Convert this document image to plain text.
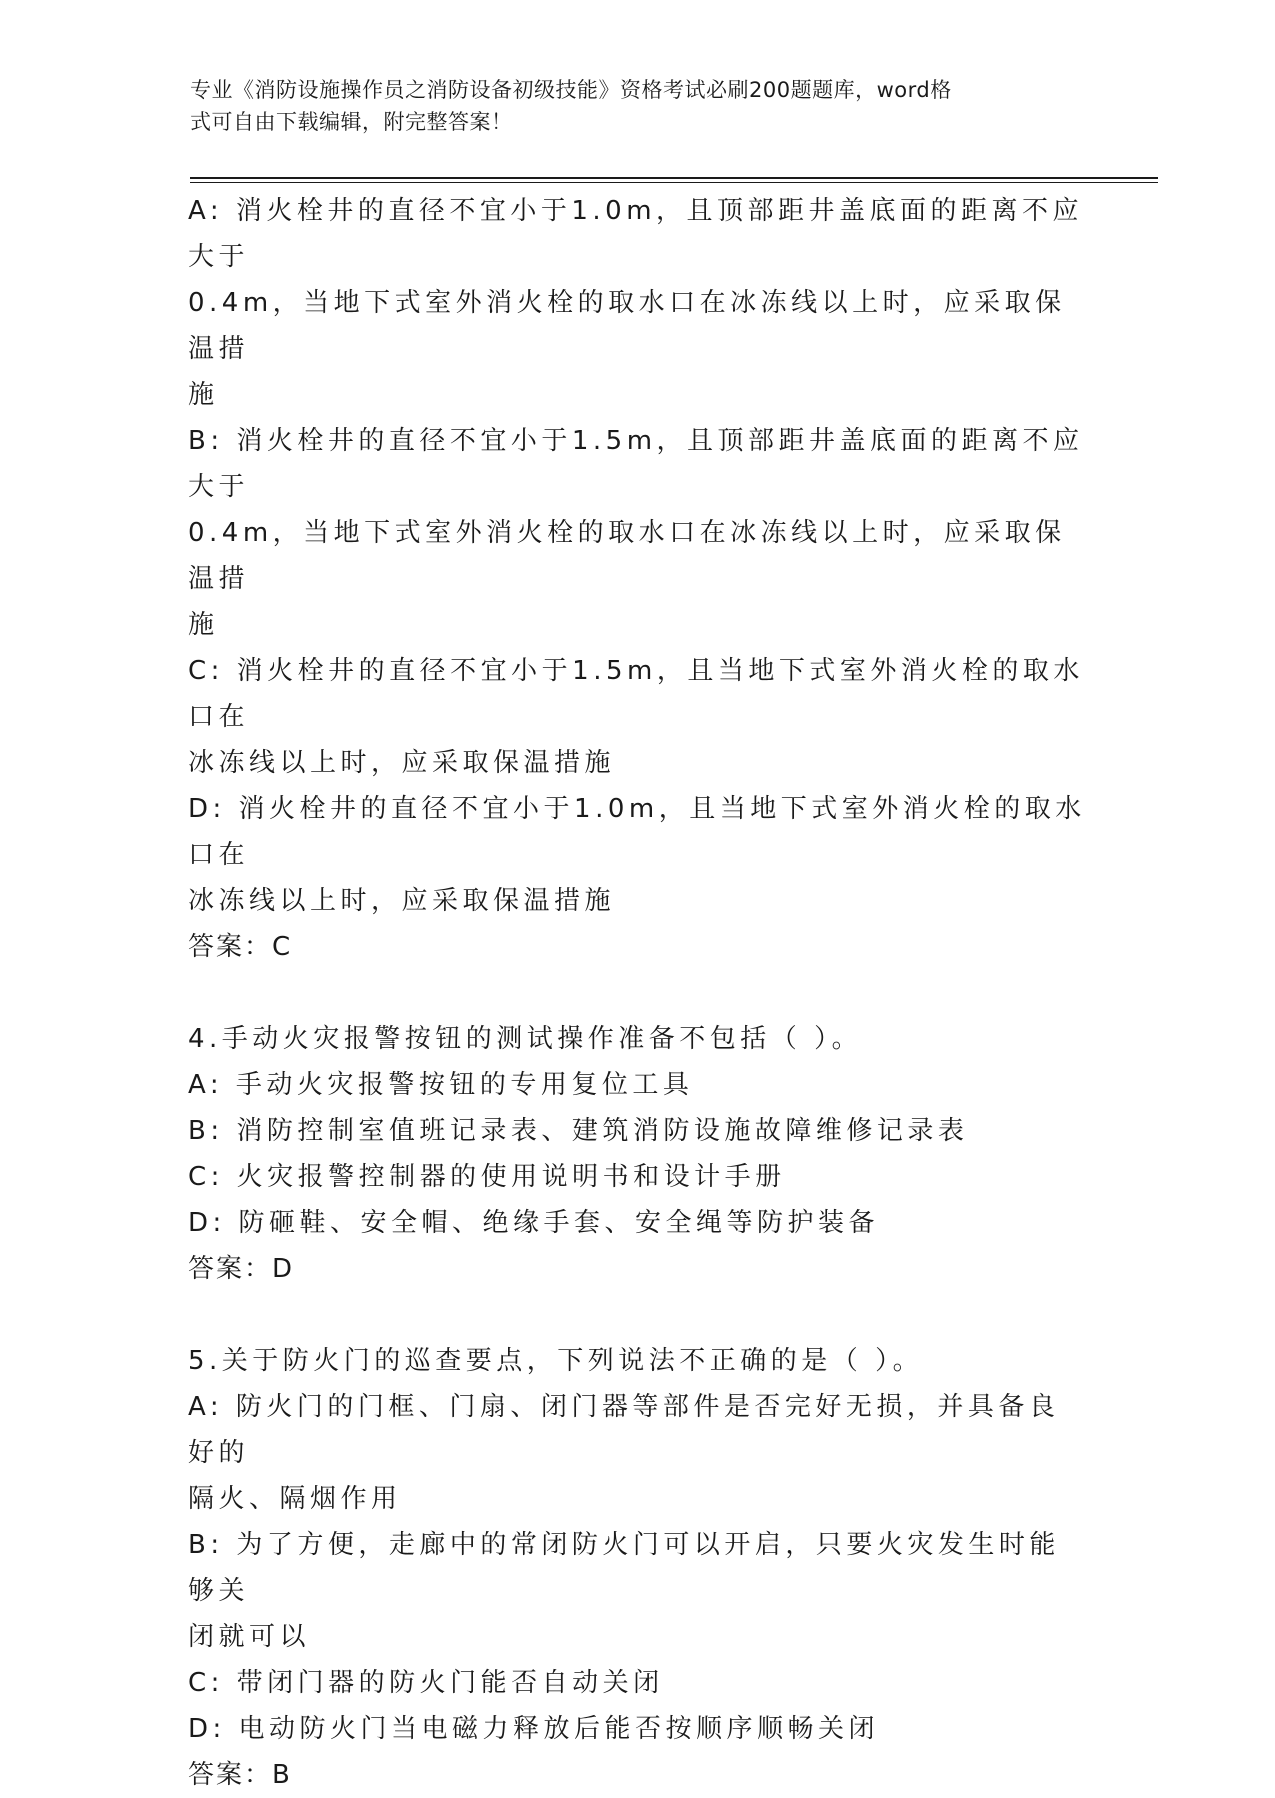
专业《消防设施操作员之消防设备初级技能》资格考试必刷200题题库，word格
式可自由下载编辑，附完整答案！
A: 消火栓井的直径不宜小于1.0m，且顶部距井盖底面的距离不应大于
0.4m，当地下式室外消火栓的取水口在冰冻线以上时，应采取保温措
施
B: 消火栓井的直径不宜小于1.5m，且顶部距井盖底面的距离不应大于
0.4m，当地下式室外消火栓的取水口在冰冻线以上时，应采取保温措
施
C: 消火栓井的直径不宜小于1.5m，且当地下式室外消火栓的取水口在
冰冻线以上时，应采取保温措施
D: 消火栓井的直径不宜小于1.0m，且当地下式室外消火栓的取水口在
冰冻线以上时，应采取保温措施
答案：C
4.手动火灾报警按钮的测试操作准备不包括（ ）。
A: 手动火灾报警按钮的专用复位工具
B: 消防控制室值班记录表、建筑消防设施故障维修记录表
C: 火灾报警控制器的使用说明书和设计手册
D: 防砸鞋、安全帽、绝缘手套、安全绳等防护装备
答案：D
5.关于防火门的巡查要点，下列说法不正确的是（ ）。
A: 防火门的门框、门扇、闭门器等部件是否完好无损，并具备良好的
隔火、隔烟作用
B: 为了方便，走廊中的常闭防火门可以开启，只要火灾发生时能够关
闭就可以
C: 带闭门器的防火门能否自动关闭
D: 电动防火门当电磁力释放后能否按顺序顺畅关闭
答案：B
